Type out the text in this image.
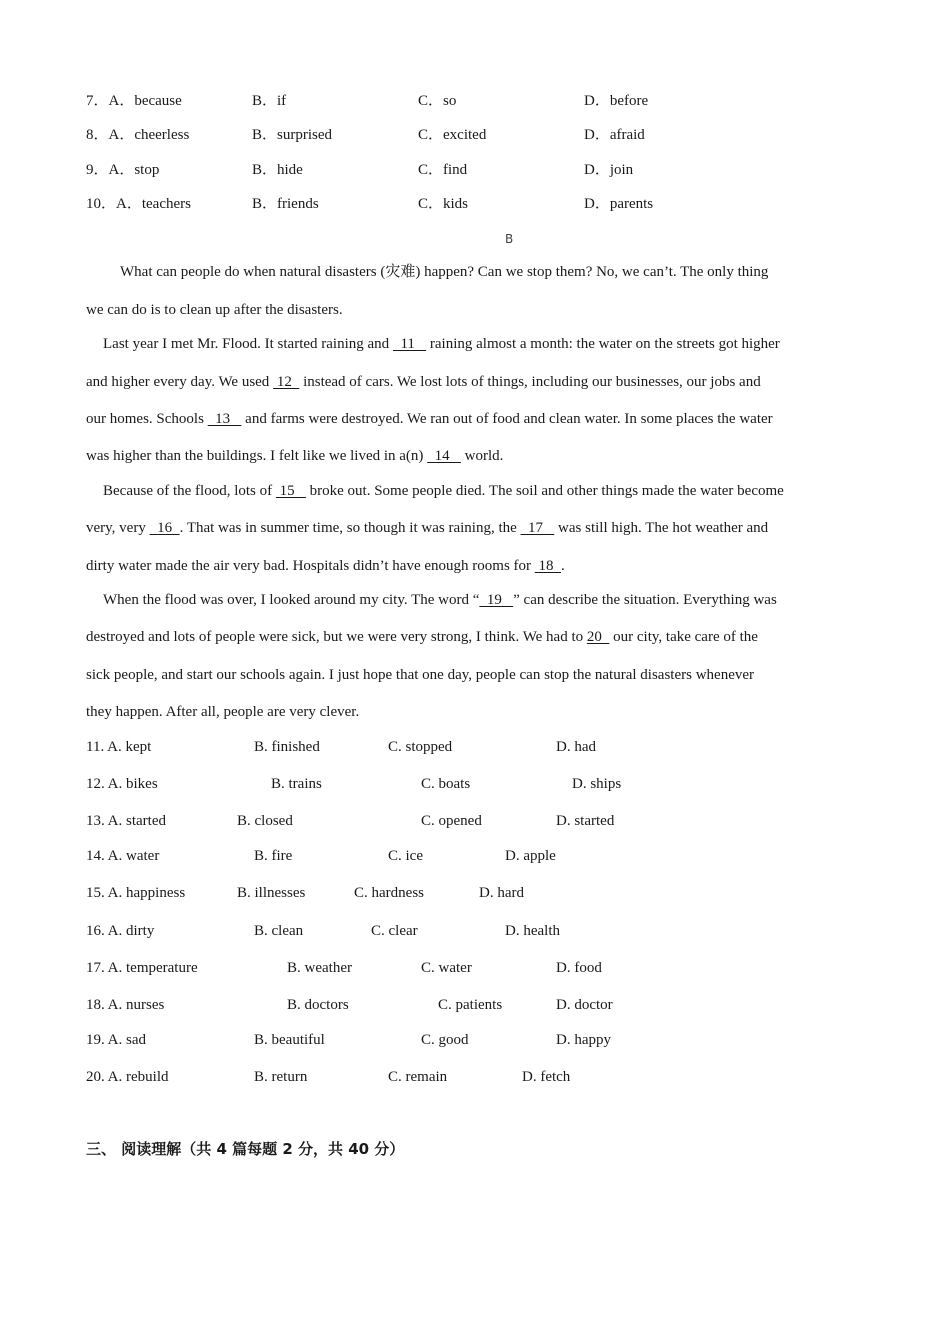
7．A．because	B．if	C．so	D．before
8．A．cheerless	B．surprised	C．excited	D．afraid
9．A．stop	B．hide	C．find	D．join
10．A．teachers	B．friends	C．kids	D．parents
B
What can people do when natural disasters (灾难) happen? Can we stop them? No, we can’t. The only thing
we can do is to clean up after the disasters.
Last year I met Mr. Flood. It started raining and   11    raining almost a month: the water on the streets got higher
and higher every day. We used  12   instead of cars. We lost lots of things, including our businesses, our jobs and
our homes. Schools   13    and farms were destroyed. We ran out of food and clean water. In some places the water
was higher than the buildings. I felt like we lived in a(n)   14    world.
Because of the flood, lots of  15    broke out. Some people died. The soil and other things made the water become
very, very   16  . That was in summer time, so though it was raining, the   17    was still high. The hot weather and
dirty water made the air very bad. Hospitals didn’t have enough rooms for  18  .
When the flood was over, I looked around my city. The word “  19   ” can describe the situation. Everything was
destroyed and lots of people were sick, but we were very strong, I think. We had to 20   our city, take care of the
sick people, and start our schools again. I just hope that one day, people can stop the natural disasters whenever
they happen. After all, people are very clever.
11. A. kept	B. finished	C. stopped	D. had
12. A. bikes	B. trains	C. boats	D. ships
13. A. started	B. closed	C. opened	D. started
14. A. water	B. fire	C. ice	D. apple
15. A. happiness	B. illnesses	C. hardness	D. hard
16. A. dirty	B. clean	C. clear	D. health
17. A. temperature	B. weather	C. water	D. food
18. A. nurses	B. doctors	C. patients	D. doctor
19. A. sad	B. beautiful	C. good	D. happy
20. A. rebuild	B. return	C. remain	D. fetch
三、 阅读理解（共 4 篇每题 2 分，共 40 分）
